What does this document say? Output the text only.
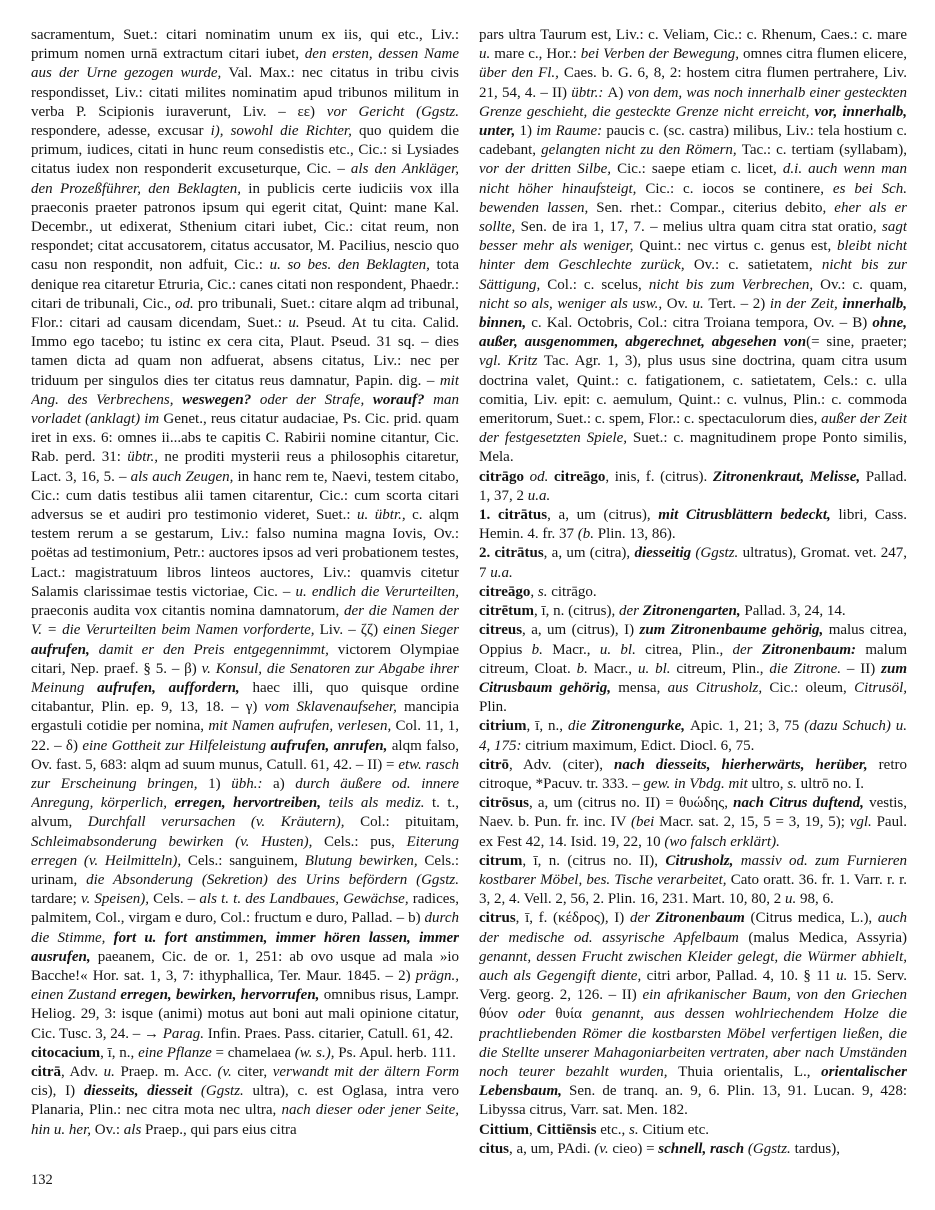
sacramentum, Suet.: citari nominatim unum ex iis, qui etc., Liv.: primum nomen urnā extractum citari iubet, den ersten, dessen Name aus der Urne gezogen wurde, Val. Max.: nec citatus in tribu civis respondisset, Liv.: citati milites nominatim apud tribunos militum in verba P. Scipionis iuraverunt, Liv. – εε) vor Gericht (Ggstz. respondere, adesse, excusar i), sowohl die Richter, quo quidem die primum, iudices, citati in hunc reum consedistis etc., Cic.: si Lysiades citatus iudex non responderit excuseturque, Cic. – als den Ankläger, den Prozeßführer, den Beklagten, in publicis certe iudiciis vox illa praeconis praeter patronos ipsum qui egerit citat, Quint: mane Kal. Decembr., ut edixerat, Sthenium citari iubet, Cic.: citat reum, non respondet; citat accusatorem, citatus accusator, M. Pacilius, nescio quo casu non respondit, non adfuit, Cic.: u. so bes. den Beklagten, tota denique rea citaretur Etruria, Cic.: canes citati non respondent, Phaedr.: citari de tribunali, Cic., od. pro tribunali, Suet.: citare alqm ad tribunal, Flor.: citari ad causam dicendam, Suet.: u. Pseud. At tu cita. Calid. Immo ego tacebo; tu istinc ex cera cita, Plaut. Pseud. 31 sq. – dies tamen dicta ad quam non adfuerat, absens citatus, Liv.: nec per triduum per singulos dies ter citatus reus damnatur, Papin. dig. – mit Ang. des Verbrechens, weswegen? oder der Strafe, worauf? man vorladet (anklagt) im Genet., reus citatur audaciae, Ps. Cic. prid. quam iret in exs. 6: omnes ii...abs te capitis C. Rabirii nomine citantur, Cic. Rab. perd. 31: übtr., ne proditi mysterii reus a philosophis citaretur, Lact. 3, 16, 5. – als auch Zeugen, in hanc rem te, Naevi, testem citabo, Cic.: cum datis testibus alii tamen citarentur, Cic.: cum scorta citari adversus se et audiri pro testimonio videret, Suet.: u. übtr., c. alqm testem rerum a se gestarum, Liv.: falso numina magna Iovis, Ov.: poëtas ad testimonium, Petr.: auctores ipsos ad veri probationem testes, Lact.: magistratuum libros linteos auctores, Liv.: quamvis citetur Salamis clarissimae testis victoriae, Cic. – u. endlich die Verurteilten, praeconis audita vox citantis nomina damnatorum, der die Namen der V. = die Verurteilten beim Namen vorforderte, Liv. – ζζ) einen Sieger aufrufen, damit er den Preis entgegennimmt, victorem Olympiae citari, Nep. praef. § 5. – β) v. Konsul, die Senatoren zur Abgabe ihrer Meinung aufrufen, auffordern, haec illi, quo quisque ordine citabantur, Plin. ep. 9, 13, 18. – γ) vom Sklavenaufseher, mancipia ergastuli cotidie per nomina, mit Namen aufrufen, verlesen, Col. 11, 1, 22. – δ) eine Gottheit zur Hilfeleistung aufrufen, anrufen, alqm falso, Ov. fast. 5, 683: alqm ad suum munus, Catull. 61, 42. – II) = etw. rasch zur Erscheinung bringen, 1) übh.: a) durch äußere od. innere Anregung, körperlich, erregen, hervortreiben, teils als mediz. t. t., alvum, Durchfall verursachen (v. Kräutern), Col.: pituitam, Schleimabsonderung bewirken (v. Husten), Cels.: pus, Eiterung erregen (v. Heilmitteln), Cels.: sanguinem, Blutung bewirken, Cels.: urinam, die Absonderung (Sekretion) des Urins befördern (Ggstz. tardare; v. Speisen), Cels. – als t. t. des Landbaues, Gewächse, radices, palmitem, Col., virgam e duro, Col.: fructum e duro, Pallad. – b) durch die Stimme, fort u. fort anstimmen, immer hören lassen, immer ausrufen, paeanem, Cic. de or. 1, 251: ab ovo usque ad mala »io Bacche!« Hor. sat. 1, 3, 7: ithyphallica, Ter. Maur. 1845. – 2) prägn., einen Zustand erregen, bewirken, hervorrufen, omnibus risus, Lampr. Heliog. 29, 3: isque (animi) motus aut boni aut mali opinione citatur, Cic. Tusc. 3, 24. – → Parag. Infin. Praes. Pass. citarier, Catull. 61, 42.

citocacium, ī, n., eine Pflanze = chamelaea (w. s.), Ps. Apul. herb. 111.

citrā, Adv. u. Praep. m. Acc. (v. citer, verwandt mit der ältern Form cis), I) diesseits, diesseit (Ggstz. ultra), c. est Oglasa, intra vero Planaria, Plin.: nec citra mota nec ultra, nach dieser oder jener Seite, hin u. her, Ov.: als Praep., qui pars eius citra

pars ultra Taurum est, Liv.: c. Veliam, Cic.: c. Rhenum, Caes.: c. mare u. mare c., Hor.: bei Verben der Bewegung, omnes citra flumen elicere, über den Fl., Caes. b. G. 6, 8, 2: hostem citra flumen pertrahere, Liv. 21, 54, 4. – II) übtr.: A) von dem, was noch innerhalb einer gesteckten Grenze geschieht, die gesteckte Grenze nicht erreicht, vor, innerhalb, unter, 1) im Raume: paucis c. (sc. castra) milibus, Liv.: tela hostium c. cadebant, gelangten nicht zu den Römern, Tac.: c. tertiam (syllabam), vor der dritten Silbe, Cic.: saepe etiam c. licet, d.i. auch wenn man nicht höher hinaufsteigt, Cic.: c. iocos se continere, es bei Sch. bewenden lassen, Sen. rhet.: Compar., citerius debito, eher als er sollte, Sen. de ira 1, 17, 7. – melius ultra quam citra stat oratio, sagt besser mehr als weniger, Quint.: nec virtus c. genus est, bleibt nicht hinter dem Geschlechte zurück, Ov.: c. satietatem, nicht bis zur Sättigung, Col.: c. scelus, nicht bis zum Verbrechen, Ov.: c. quam, nicht so als, weniger als usw., Ov. u. Tert. – 2) in der Zeit, innerhalb, binnen, c. Kal. Octobris, Col.: citra Troiana tempora, Ov. – B) ohne, außer, ausgenommen, abgerechnet, abgesehen von(= sine, praeter; vgl. Kritz Tac. Agr. 1, 3), plus usus sine doctrina, quam citra usum doctrina valet, Quint.: c. fatigationem, c. satietatem, Cels.: c. ulla comitia, Liv. epit: c. aemulum, Quint.: c. vulnus, Plin.: c. commoda emeritorum, Suet.: c. spem, Flor.: c. spectaculorum dies, außer der Zeit der festgesetzten Spiele, Suet.: c. magnitudinem prope Ponto similis, Mela.

citrāgo od. citreāgo, inis, f. (citrus). Zitronenkraut, Melisse, Pallad. 1, 37, 2 u.a.

1. citrātus, a, um (citrus), mit Citrusblättern bedeckt, libri, Cass. Hemin. 4. fr. 37 (b. Plin. 13, 86).

2. citrātus, a, um (citra), diesseitig (Ggstz. ultratus), Gromat. vet. 247, 7 u.a.

citreāgo, s. citrāgo.

citrētum, ī, n. (citrus), der Zitronengarten, Pallad. 3, 24, 14.

citreus, a, um (citrus), I) zum Zitronenbaume gehörig, malus citrea, Oppius b. Macr., u. bl. citrea, Plin., der Zitronenbaum: malum citreum, Cloat. b. Macr., u. bl. citreum, Plin., die Zitrone. – II) zum Citrusbaum gehörig, mensa, aus Citrusholz, Cic.: oleum, Citrusöl, Plin.

citrium, ī, n., die Zitronengurke, Apic. 1, 21; 3, 75 (dazu Schuch) u. 4, 175: citrium maximum, Edict. Diocl. 6, 75.

citrō, Adv. (citer), nach diesseits, hierherwärts, herüber, retro citroque, *Pacuv. tr. 333. – gew. in Vbdg. mit ultro, s. ultrō no. I.

citrōsus, a, um (citrus no. II) = θυώδης, nach Citrus duftend, vestis, Naev. b. Pun. fr. inc. IV (bei Macr. sat. 2, 15, 5 = 3, 19, 5); vgl. Paul. ex Fest 42, 14. Isid. 19, 22, 10 (wo falsch erklärt).

citrum, ī, n. (citrus no. II), Citrusholz, massiv od. zum Furnieren kostbarer Möbel, bes. Tische verarbeitet, Cato oratt. 36. fr. 1. Varr. r. r. 3, 2, 4. Vell. 2, 56, 2. Plin. 16, 231. Mart. 10, 80, 2 u. 98, 6.

citrus, ī, f. (κέδρος), I) der Zitronenbaum (Citrus medica, L.), auch der medische od. assyrische Apfelbaum (malus Medica, Assyria) genannt, dessen Frucht zwischen Kleider gelegt, die Würmer abhielt, auch als Gegengift diente, citri arbor, Pallad. 4, 10. § 11 u. 15. Serv. Verg. georg. 2, 126. – II) ein afrikanischer Baum, von den Griechen θύον oder θυία genannt, aus dessen wohlriechendem Holze die prachtliebenden Römer die kostbarsten Möbel verfertigen ließen, die die Stellte unserer Mahagoniarbeiten vertraten, aber nach Umständen noch teurer bezahlt wurden, Thuia orientalis, L., orientalischer Lebensbaum, Sen. de tranq. an. 9, 6. Plin. 13, 91. Lucan. 9, 428: Libyssa citrus, Varr. sat. Men. 182.

Cittium, Cittiēnsis etc., s. Citium etc.

citus, a, um, PAdi. (v. cieo) = schnell, rasch (Ggstz. tardus),

132
